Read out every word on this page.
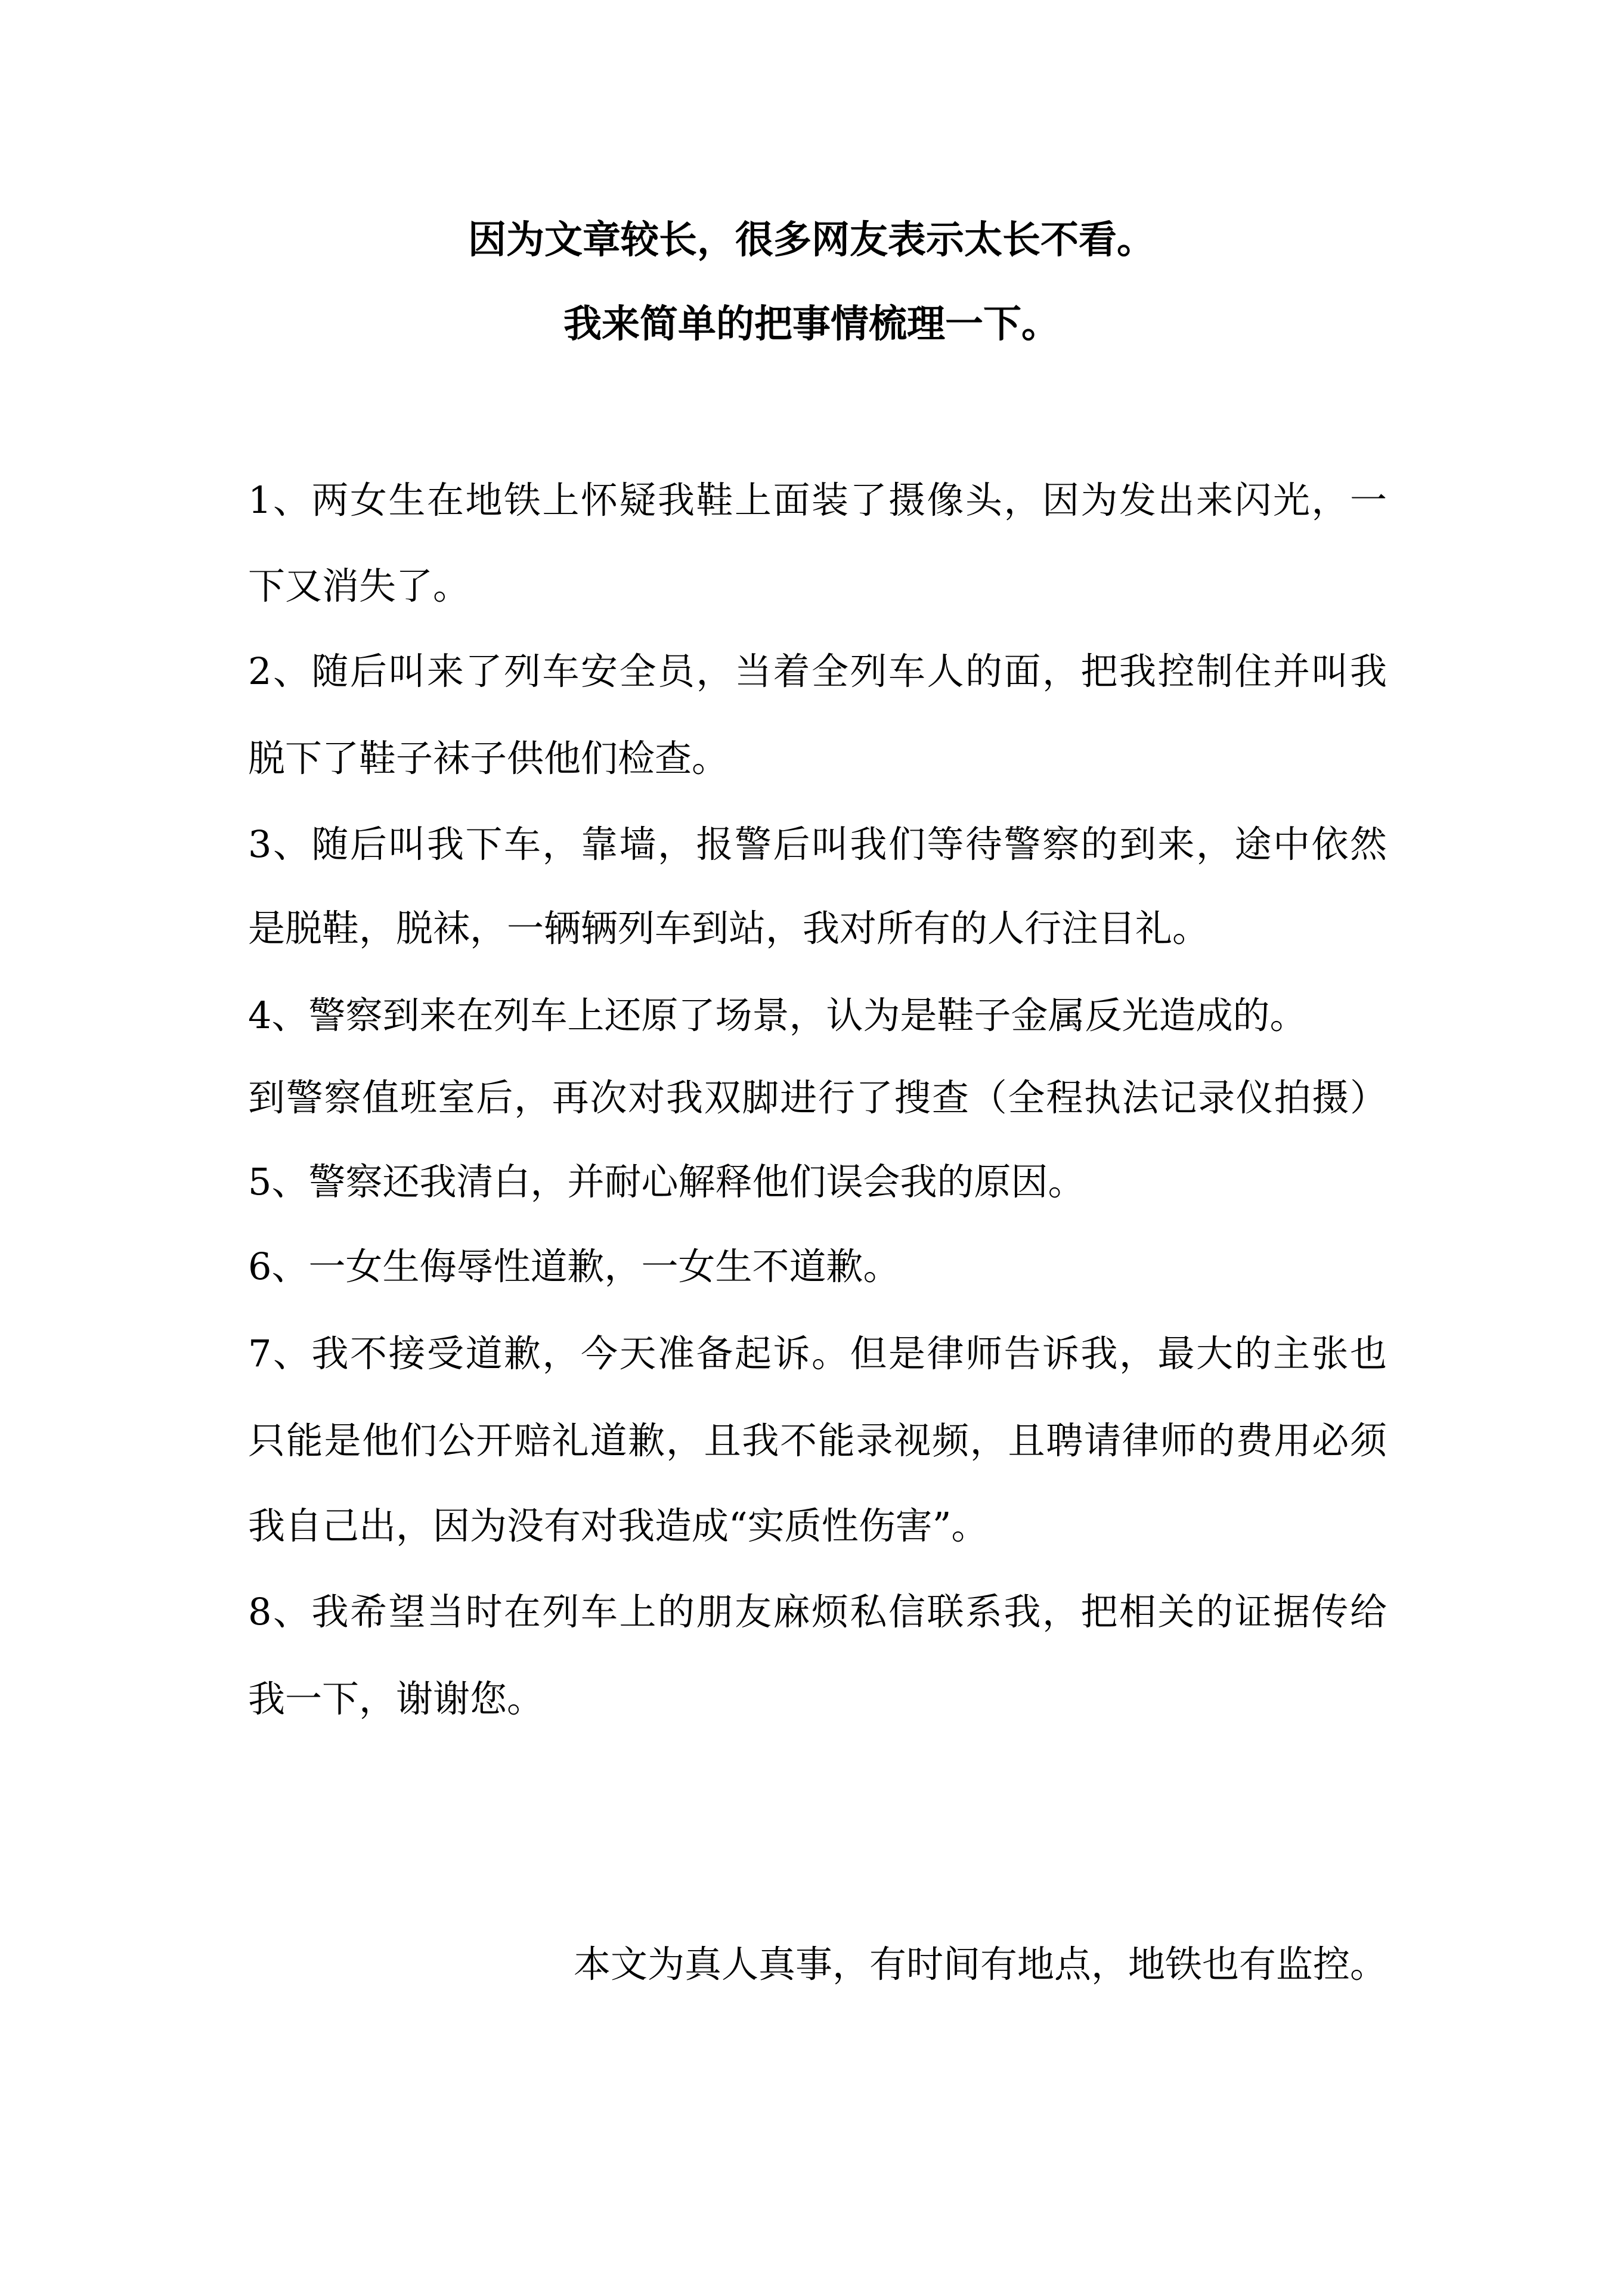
因为文章较长，很多网友表示太长不看。
我来简单的把事情梳理一下。
1、两女生在地铁上怀疑我鞋上面装了摄像头，因为发出来闪光，一
下又消失了。
2、随后叫来了列车安全员，当着全列车人的面，把我控制住并叫我
脱下了鞋子袜子供他们检查。
3、随后叫我下车，靠墙，报警后叫我们等待警察的到来，途中依然
是脱鞋，脱袜，一辆辆列车到站，我对所有的人行注目礼。
4、警察到来在列车上还原了场景，认为是鞋子金属反光造成的。
到警察值班室后，再次对我双脚进行了搜查（全程执法记录仪拍摄）
5、警察还我清白，并耐心解释他们误会我的原因。
6、一女生侮辱性道歉，一女生不道歉。
7、我不接受道歉，今天准备起诉。但是律师告诉我，最大的主张也
只能是他们公开赔礼道歉，且我不能录视频，且聘请律师的费用必须
我自己出，因为没有对我造成“实质性伤害”。
8、我希望当时在列车上的朋友麻烦私信联系我，把相关的证据传给
我一下，谢谢您。
本文为真人真事，有时间有地点，地铁也有监控。
